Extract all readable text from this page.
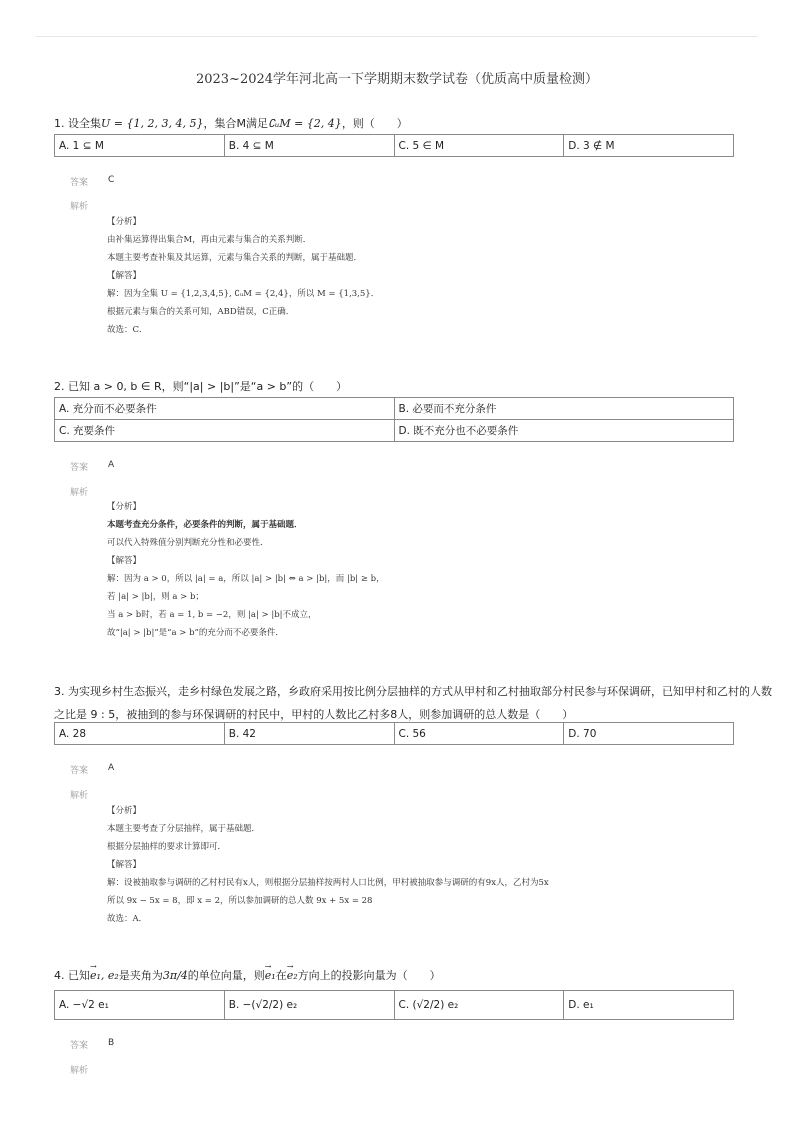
2023~2024学年河北高一下学期期末数学试卷（优质高中质量检测）
1. 设全集U = {1, 2, 3, 4, 5}，集合M满足∁ᵤM = {2, 4}，则（　　）
A. 1 ⊆ M	B. 4 ⊆ M	C. 5 ∈ M	D. 3 ∉ M
答案 C
解析
【分析】
由补集运算得出集合M，再由元素与集合的关系判断．
本题主要考查补集及其运算，元素与集合关系的判断，属于基础题．
【解答】
解：因为全集 U = {1,2,3,4,5}, ∁ᵤM = {2,4}，所以 M = {1,3,5}．
根据元素与集合的关系可知，ABD错误，C正确．
故选：C．
2. 已知 a > 0, b ∈ R，则“|a| > |b|”是“a > b”的（　　）
A. 充分而不必要条件	B. 必要而不充分条件
C. 充要条件	D. 既不充分也不必要条件
答案 A
解析
【分析】
本题考查充分条件，必要条件的判断，属于基础题．
可以代入特殊值分别判断充分性和必要性．
【解答】
解：因为 a > 0，所以 |a| = a，所以 |a| > |b| ⇔ a > |b|，而 |b| ≥ b，
若 |a| > |b|，则 a > b；
当 a > b时，若 a = 1, b = −2，则 |a| > |b|不成立，
故“|a| > |b|”是“a > b”的充分而不必要条件．
3. 为实现乡村生态振兴，走乡村绿色发展之路，乡政府采用按比例分层抽样的方式从甲村和乙村抽取部分村民参与环保调研，已知甲村和乙村的人数
之比是 9 : 5，被抽到的参与环保调研的村民中，甲村的人数比乙村多8人，则参加调研的总人数是（　　）
A. 28	B. 42	C. 56	D. 70
答案 A
解析
【分析】
本题主要考查了分层抽样，属于基础题．
根据分层抽样的要求计算即可．
【解答】
解：设被抽取参与调研的乙村村民有x人，则根据分层抽样按两村人口比例，甲村被抽取参与调研的有9x人，乙村为5x
所以 9x − 5x = 8，即 x = 2，所以参加调研的总人数 9x + 5x = 28
故选：A．
4. 已知→ e₁, e₂是夹角为3π/4的单位向量，则→ e₁在→ e₂方向上的投影向量为（　　）
A. −√2 e₁	B. −(√2/2) e₂	C. (√2/2) e₂	D. e₁
答案 B
解析
